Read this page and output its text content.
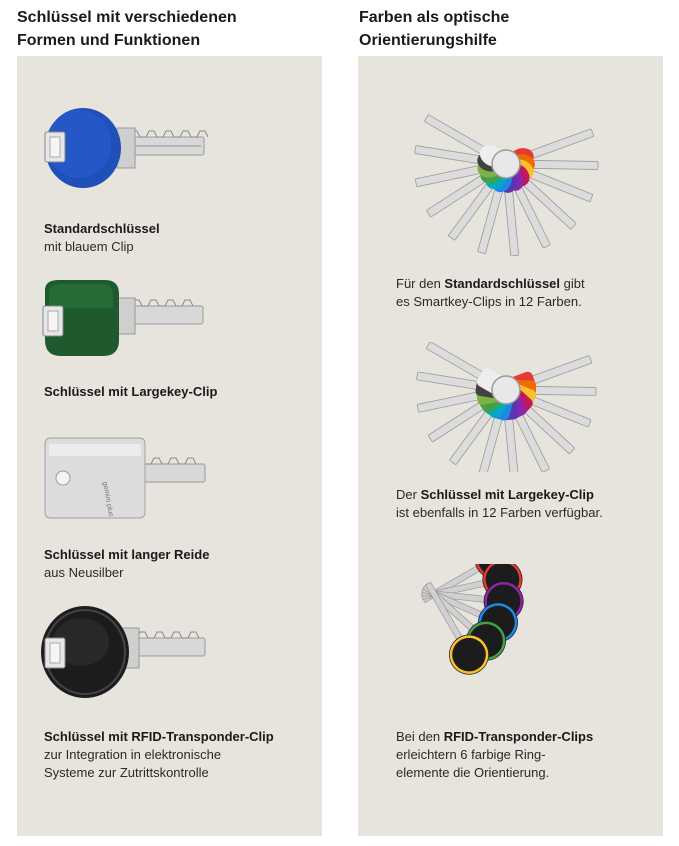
Schlüssel mit verschiedenen
Formen und Funktionen
Farben als optische
Orientierungshilfe
Standardschlüssel
mit blauem Clip
Schlüssel mit Largekey-Clip
gemini plus
Schlüssel mit langer Reide
aus Neusilber
Schlüssel mit RFID-Transponder-Clip
zur Integration in elektronische
Systeme zur Zutrittskontrolle
Für den Standardschlüssel gibt
es Smartkey-Clips in 12 Farben.
Der Schlüssel mit Largekey-Clip
ist ebenfalls in 12 Farben verfügbar.
Bei den RFID-Transponder-Clips
erleichtern 6 farbige Ring-
elemente die Orientierung.
